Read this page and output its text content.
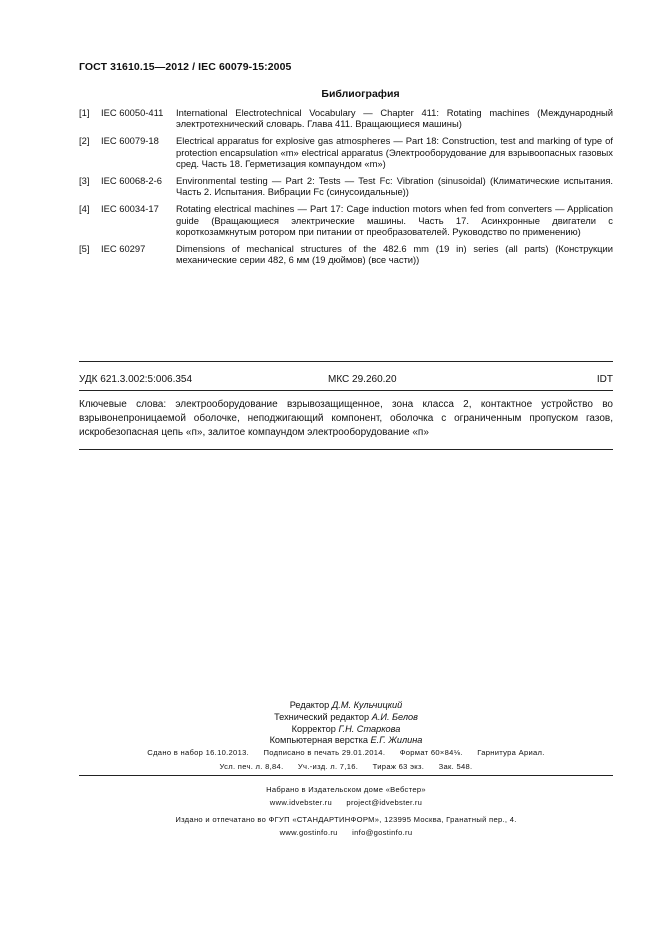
ГОСТ 31610.15—2012 / IEC 60079-15:2005
Библиография
[1]	IEC 60050-411	International Electrotechnical Vocabulary — Chapter 411: Rotating machines (Международный электротехнический словарь. Глава 411. Вращающиеся машины)
[2]	IEC 60079-18	Electrical apparatus for explosive gas atmospheres — Part 18: Construction, test and marking of type of protection encapsulation «m» electrical apparatus (Электрооборудование для взрывоопасных газовых сред. Часть 18. Герметизация компаундом «m»)
[3]	IEC 60068-2-6	Environmental testing — Part 2: Tests — Test Fc: Vibration (sinusoidal) (Климатические испытания. Часть 2. Испытания. Вибрации Fc (синусоидальные))
[4]	IEC 60034-17	Rotating electrical machines — Part 17: Cage induction motors when fed from converters — Application guide (Вращающиеся электрические машины. Часть 17. Асинхронные двигатели с короткозамкнутым ротором при питании от преобразователей. Руководство по применению)
[5]	IEC 60297	Dimensions of mechanical structures of the 482.6 mm (19 in) series (all parts) (Конструкции механические серии 482, 6 мм (19 дюймов) (все части))
УДК 621.3.002:5:006.354	МКС 29.260.20	IDT
Ключевые слова: электрооборудование взрывозащищенное, зона класса 2, контактное устройство во взрывонепроницаемой оболочке, неподжигающий компонент, оболочка с ограниченным пропуском газов, искробезопасная цепь «п», залитое компаундом электрооборудование «п»
Редактор Д.М. Кульчицкий
Технический редактор А.И. Белов
Корректор Г.Н. Старкова
Компьютерная верстка Е.Г. Жилина
Сдано в набор 16.10.2013.      Подписано в печать 29.01.2014.      Формат 60×84⅛.      Гарнитура Ариал.
Усл. печ. л. 8,84.      Уч.-изд. л. 7,16.      Тираж 63 экз.      Зак. 548.
Набрано в Издательском доме «Вебстер»
www.idvebster.ru      project@idvebster.ru
Издано и отпечатано во ФГУП «СТАНДАРТИНФОРМ», 123995 Москва, Гранатный пер., 4.
www.gostinfo.ru      info@gostinfo.ru
